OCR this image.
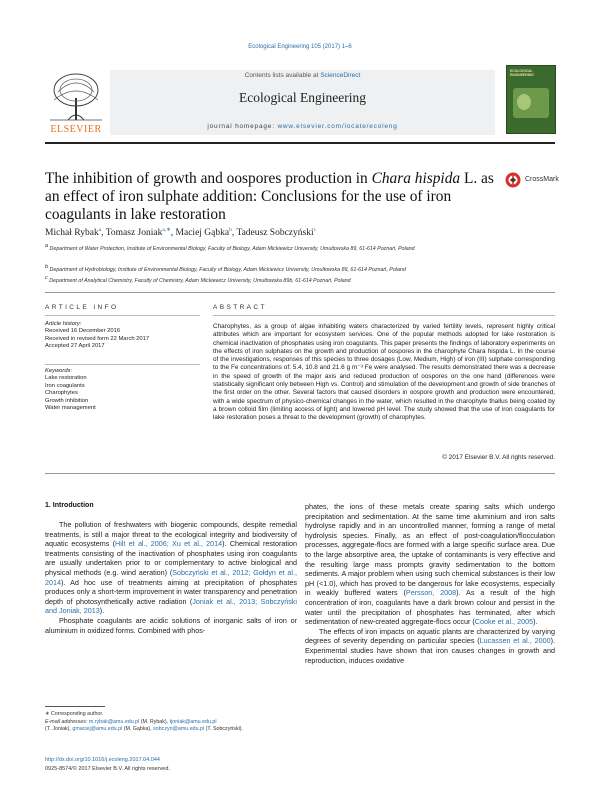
Ecological Engineering 105 (2017) 1–6
ELSEVIER
Contents lists available at ScienceDirect
Ecological Engineering
journal homepage: www.elsevier.com/locate/ecoleng
ECOLOGICAL ENGINEERING
The inhibition of growth and oospores production in Chara hispida L. as an effect of iron sulphate addition: Conclusions for the use of iron coagulants in lake restoration
CrossMark
Michał Rybak$^a$, Tomasz Joniak$^{a,∗}$, Maciej Gąbka$^b$, Tadeusz Sobczyński$^c$
a Department of Water Protection, Institute of Environmental Biology, Faculty of Biology, Adam Mickiewicz University, Umultowska 89, 61-614 Poznań, Poland
b Department of Hydrobiology, Institute of Environmental Biology, Faculty of Biology, Adam Mickiewicz University, Umultowska 89, 61-614 Poznań, Poland
c Department of Analytical Chemistry, Faculty of Chemistry, Adam Mickiewicz University, Umultowska 89b, 61-614 Poznań, Poland
ARTICLE INFO
Article history:
Received 16 December 2016
Received in revised form 22 March 2017
Accepted 27 April 2017
Keywords:
Lake restoration
Iron coagulants
Charophytes
Growth inhibition
Water management
ABSTRACT
Charophytes, as a group of algae inhabiting waters characterized by varied fertility levels, represent highly critical attributes which are important for ecosystem services. One of the popular methods adopted for lake restoration is chemical inactivation of phosphates using iron coagulants. This paper presents the findings of laboratory experiments on the effects of iron sulphates on the growth and production of oospores in the charophyte Chara hispida L. In the course of the investigations, responses of this species to three dosages (Low, Medium, High) of iron (III) sulphate corresponding to the Fe concentrations of: 5.4, 10.8 and 21.6 g m⁻³ Fe were analysed. The results demonstrated there was a decrease in the speed of growth of the major axis and reduced production of oospores on the one hand (differences were statistically significant only between High vs. Control) and stimulation of the development and growth of side branches of the first order on the other. Several factors that caused disorders in oospore growth and production were encountered, with a wide spectrum of physico-chemical changes in the water, which resulted in the charophyte thallus being coated by a brown colloid film (limiting access of light) and lowered pH level. The study showed that the use of iron coagulants for lake restoration poses a threat to the development (growth) of charophytes.
© 2017 Elsevier B.V. All rights reserved.
1. Introduction

The pollution of freshwaters with biogenic compounds, despite remedial treatments, is still a major threat to the ecological integrity and biodiversity of aquatic ecosystems (Hilt et al., 2006; Xu et al., 2014). Chemical restoration treatments consisting of the inactivation of phosphates using iron coagulants are usually undertaken prior to or complementary to active biological and physical methods (e.g. wind aeration) (Sobczyński et al., 2012; Gołdyn et al., 2014). Ad hoc use of treatments aiming at precipitation of phosphates produces only a short-term improvement in water transparency and penetration depth of photosynthetically active radiation (Joniak et al., 2013; Sobczyński and Joniak, 2013).

Phosphate coagulants are acidic solutions of inorganic salts of iron or aluminium in oxidized forms. Combined with phos-

phates, the ions of these metals create sparing salts which undergo precipitation and sedimentation. At the same time aluminium and iron salts hydrolyse rapidly and in an uncontrolled manner, forming a range of metal hydrolysis species. Finally, as an effect of post-coagulation/flocculation processes, aggregate-flocs are formed with a large specific surface area. Due to the large absorptive area, the uptake of contaminants is very effective and the resulting large mass prompts gravity sedimentation to the bottom sediments. A major problem when using such chemical substances is their low pH (<1.0), which has proved to be dangerous for lake ecosystems, especially in weakly buffered waters (Persson, 2008). As a result of the high concentration of iron, coagulants have a dark brown colour and persist in the water until the precipitation of phosphates has terminated, after which sedimentation of new-created aggregate-flocs occur (Cooke et al., 2005).

The effects of iron impacts on aquatic plants are characterized by varying degrees of severity depending on particular species (Lucassen et al., 2000). Experimental studies have shown that iron causes changes in growth and reproduction, induces oxidative

∗ Corresponding author.
E-mail addresses: m.rybak@amu.edu.pl (M. Rybak), tjoniak@amu.edu.pl
(T. Joniak), gmaciej@amu.edu.pl (M. Gąbka), sobczyn@amu.edu.pl (T. Sobczyński).
http://dx.doi.org/10.1016/j.ecoleng.2017.04.044
0925-8574/© 2017 Elsevier B.V. All rights reserved.
